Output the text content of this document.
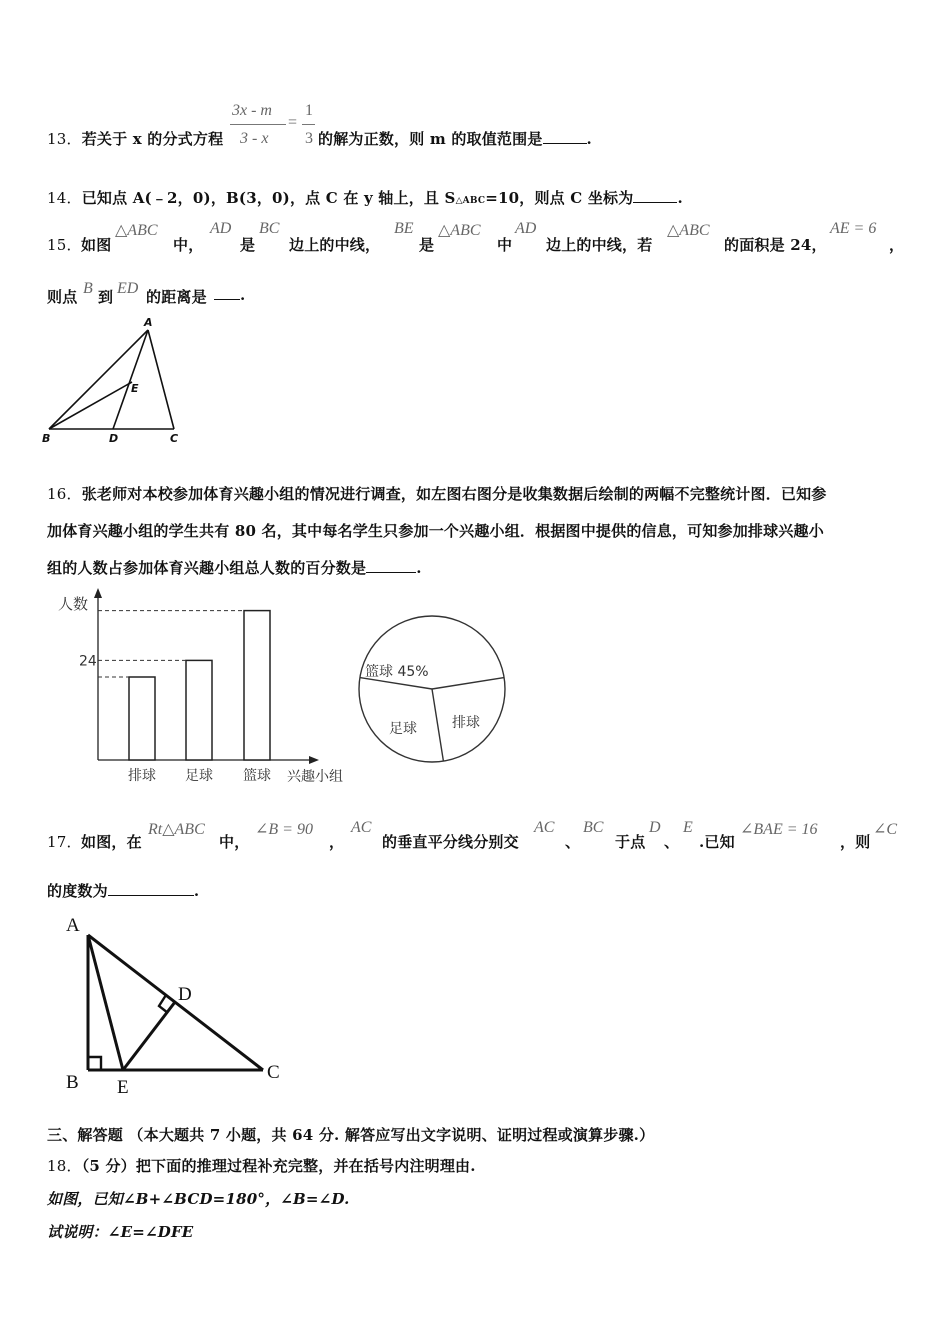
13．若关于 x 的分式方程
3x - m
3 - x
=
1
3 的解为正数，则 m 的取值范围是	.
14．已知点 A(﹣2，0)，B(3，0)，点 C 在 y 轴上，且 S△ABC=10，则点 C 坐标为	.
15． 如图
△ABC
中，
AD
是
BC
边上的中线，
BE
是
△ABC
中
AD
边上的中线，若
△ABC
的面积是 24，
AE = 6
，
则点 B 到 ED 的距离是	.
A
E
B	D	C
16．张老师对本校参加体育兴趣小组的情况进行调查，如左图右图分是收集数据后绘制的两幅不完整统计图．已知参
加体育兴趣小组的学生共有 80 名，其中每名学生只参加一个兴趣小组．根据图中提供的信息，可知参加排球兴趣小
组的人数占参加体育兴趣小组总人数的百分数是	.
人数
兴趣小组
排球 足球 篮球
24
篮球 45%
排球
足球
17． 如图，在
Rt△ABC
中，
∠B = 90
，
AC
的垂直平分线分别交
AC
、
BC
于点
D
、
E
.已知
∠BAE = 16
，则
∠C
的度数为	.
A
D
B E
C
三、解答题 （本大题共 7 小题，共 64 分. 解答应写出文字说明、证明过程或演算步骤.）
18．（5 分）把下面的推理过程补充完整，并在括号内注明理由.
如图，已知∠B+∠BCD=180°，∠B=∠D.
试说明：∠E=∠DFE
